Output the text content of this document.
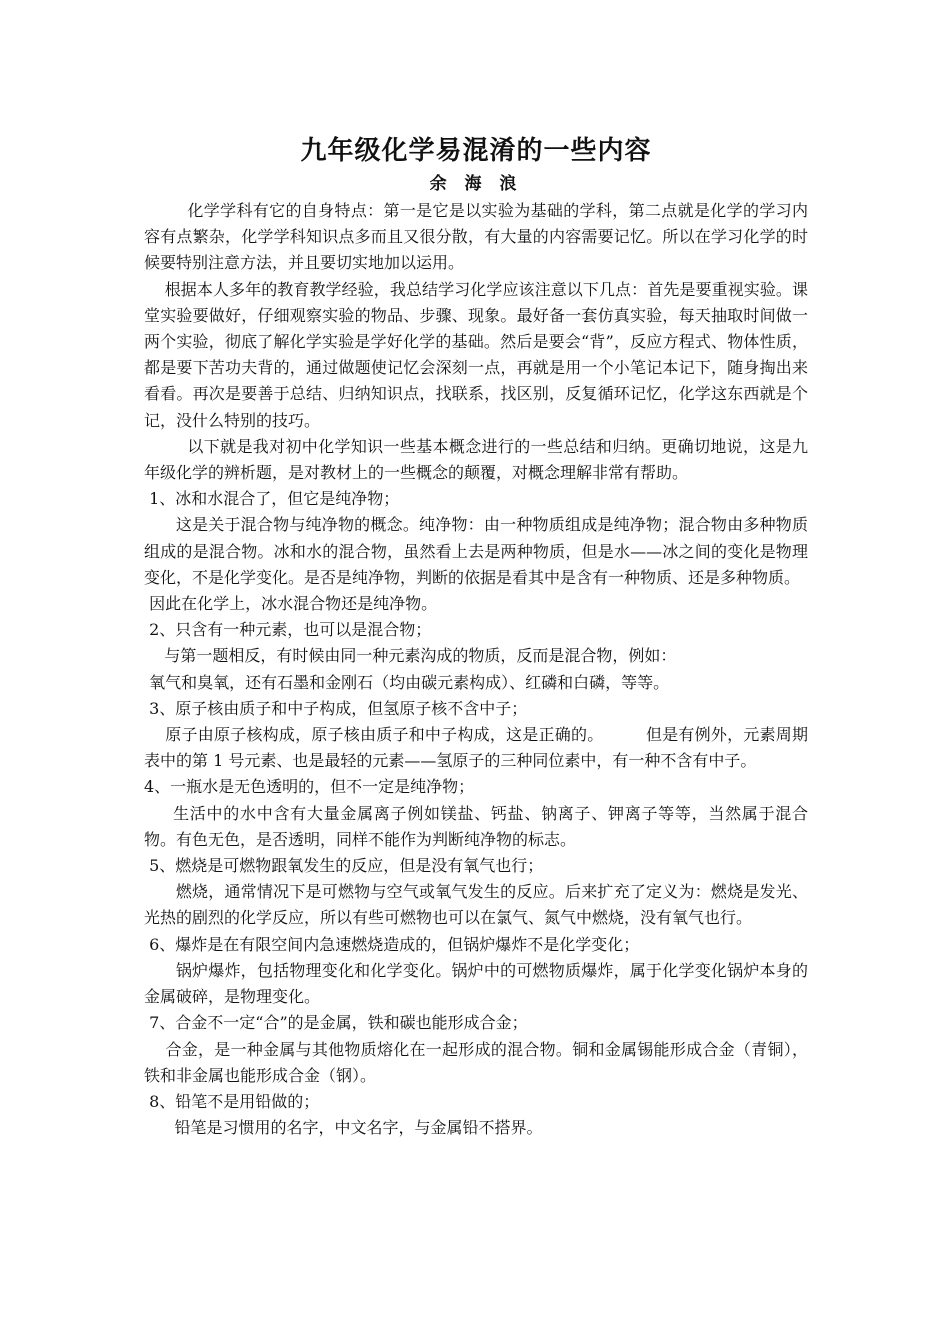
九年级化学易混淆的一些内容
余 海 浪

化学学科有它的自身特点：第一是它是以实验为基础的学科，第二点就是化学的学习内容有点繁杂，化学学科知识点多而且又很分散，有大量的内容需要记忆。所以在学习化学的时候要特别注意方法，并且要切实地加以运用。

根据本人多年的教育教学经验，我总结学习化学应该注意以下几点：首先是要重视实验。课堂实验要做好，仔细观察实验的物品、步骤、现象。最好备一套仿真实验，每天抽取时间做一两个实验，彻底了解化学实验是学好化学的基础。然后是要会“背”，反应方程式、物体性质，都是要下苦功夫背的，通过做题使记忆会深刻一点，再就是用一个小笔记本记下，随身掏出来看看。再次是要善于总结、归纳知识点，找联系，找区别，反复循环记忆，化学这东西就是个记，没什么特别的技巧。

以下就是我对初中化学知识一些基本概念进行的一些总结和归纳。更确切地说，这是九年级化学的辨析题，是对教材上的一些概念的颠覆，对概念理解非常有帮助。

1、冰和水混合了，但它是纯净物；

这是关于混合物与纯净物的概念。纯净物：由一种物质组成是纯净物；混合物由多种物质组成的是混合物。冰和水的混合物，虽然看上去是两种物质，但是水——冰之间的变化是物理变化，不是化学变化。是否是纯净物，判断的依据是看其中是含有一种物质、还是多种物质。

因此在化学上，冰水混合物还是纯净物。

2、只含有一种元素，也可以是混合物；

与第一题相反，有时候由同一种元素沟成的物质，反而是混合物，例如：

氧气和臭氧，还有石墨和金刚石（均由碳元素构成）、红磷和白磷，等等。

3、原子核由质子和中子构成，但氢原子核不含中子；

原子由原子核构成，原子核由质子和中子构成，这是正确的。        但是有例外，元素周期表中的第 1 号元素、也是最轻的元素——氢原子的三种同位素中，有一种不含有中子。

4、一瓶水是无色透明的，但不一定是纯净物；

生活中的水中含有大量金属离子例如镁盐、钙盐、钠离子、钾离子等等，当然属于混合物。有色无色，是否透明，同样不能作为判断纯净物的标志。

5、燃烧是可燃物跟氧发生的反应，但是没有氧气也行；

燃烧，通常情况下是可燃物与空气或氧气发生的反应。后来扩充了定义为：燃烧是发光、光热的剧烈的化学反应，所以有些可燃物也可以在氯气、氮气中燃烧，没有氧气也行。

6、爆炸是在有限空间内急速燃烧造成的，但锅炉爆炸不是化学变化；

锅炉爆炸，包括物理变化和化学变化。锅炉中的可燃物质爆炸，属于化学变化锅炉本身的金属破碎，是物理变化。

7、合金不一定“合”的是金属，铁和碳也能形成合金；

合金，是一种金属与其他物质熔化在一起形成的混合物。铜和金属锡能形成合金（青铜），铁和非金属也能形成合金（钢）。

8、铅笔不是用铅做的；

铅笔是习惯用的名字，中文名字，与金属铅不搭界。
